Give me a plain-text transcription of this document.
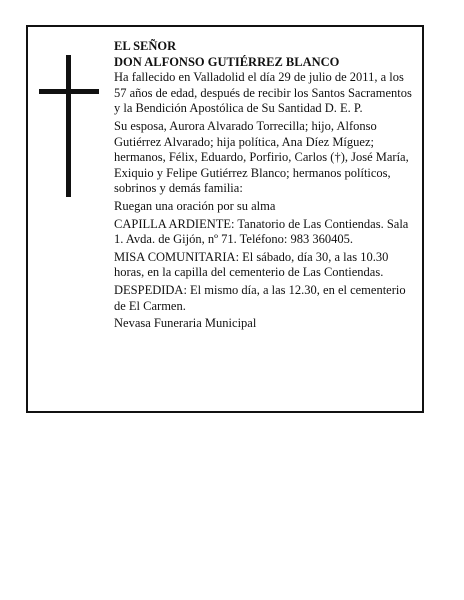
EL SEÑOR
DON ALFONSO GUTIÉRREZ BLANCO

Ha fallecido en Valladolid el día 29 de julio de 2011, a los 57 años de edad, después de recibir los Santos Sacramentos y la Bendición Apostólica de Su Santidad D. E. P.

Su esposa, Aurora Alvarado Torrecilla; hijo, Alfonso Gutiérrez Alvarado; hija política, Ana Díez Míguez; hermanos, Félix, Eduardo, Porfirio, Carlos (†), José María, Exiquio y Felipe Gutiérrez Blanco; hermanos políticos, sobrinos y demás familia:

Ruegan una oración por su alma

CAPILLA ARDIENTE: Tanatorio de Las Contiendas. Sala 1. Avda. de Gijón, nº 71. Teléfono: 983 360405.

MISA COMUNITARIA: El sábado, día 30, a las 10.30 horas, en la capilla del cementerio de Las Contiendas.

DESPEDIDA: El mismo día, a las 12.30, en el cementerio de El Carmen.

Nevasa Funeraria Municipal
